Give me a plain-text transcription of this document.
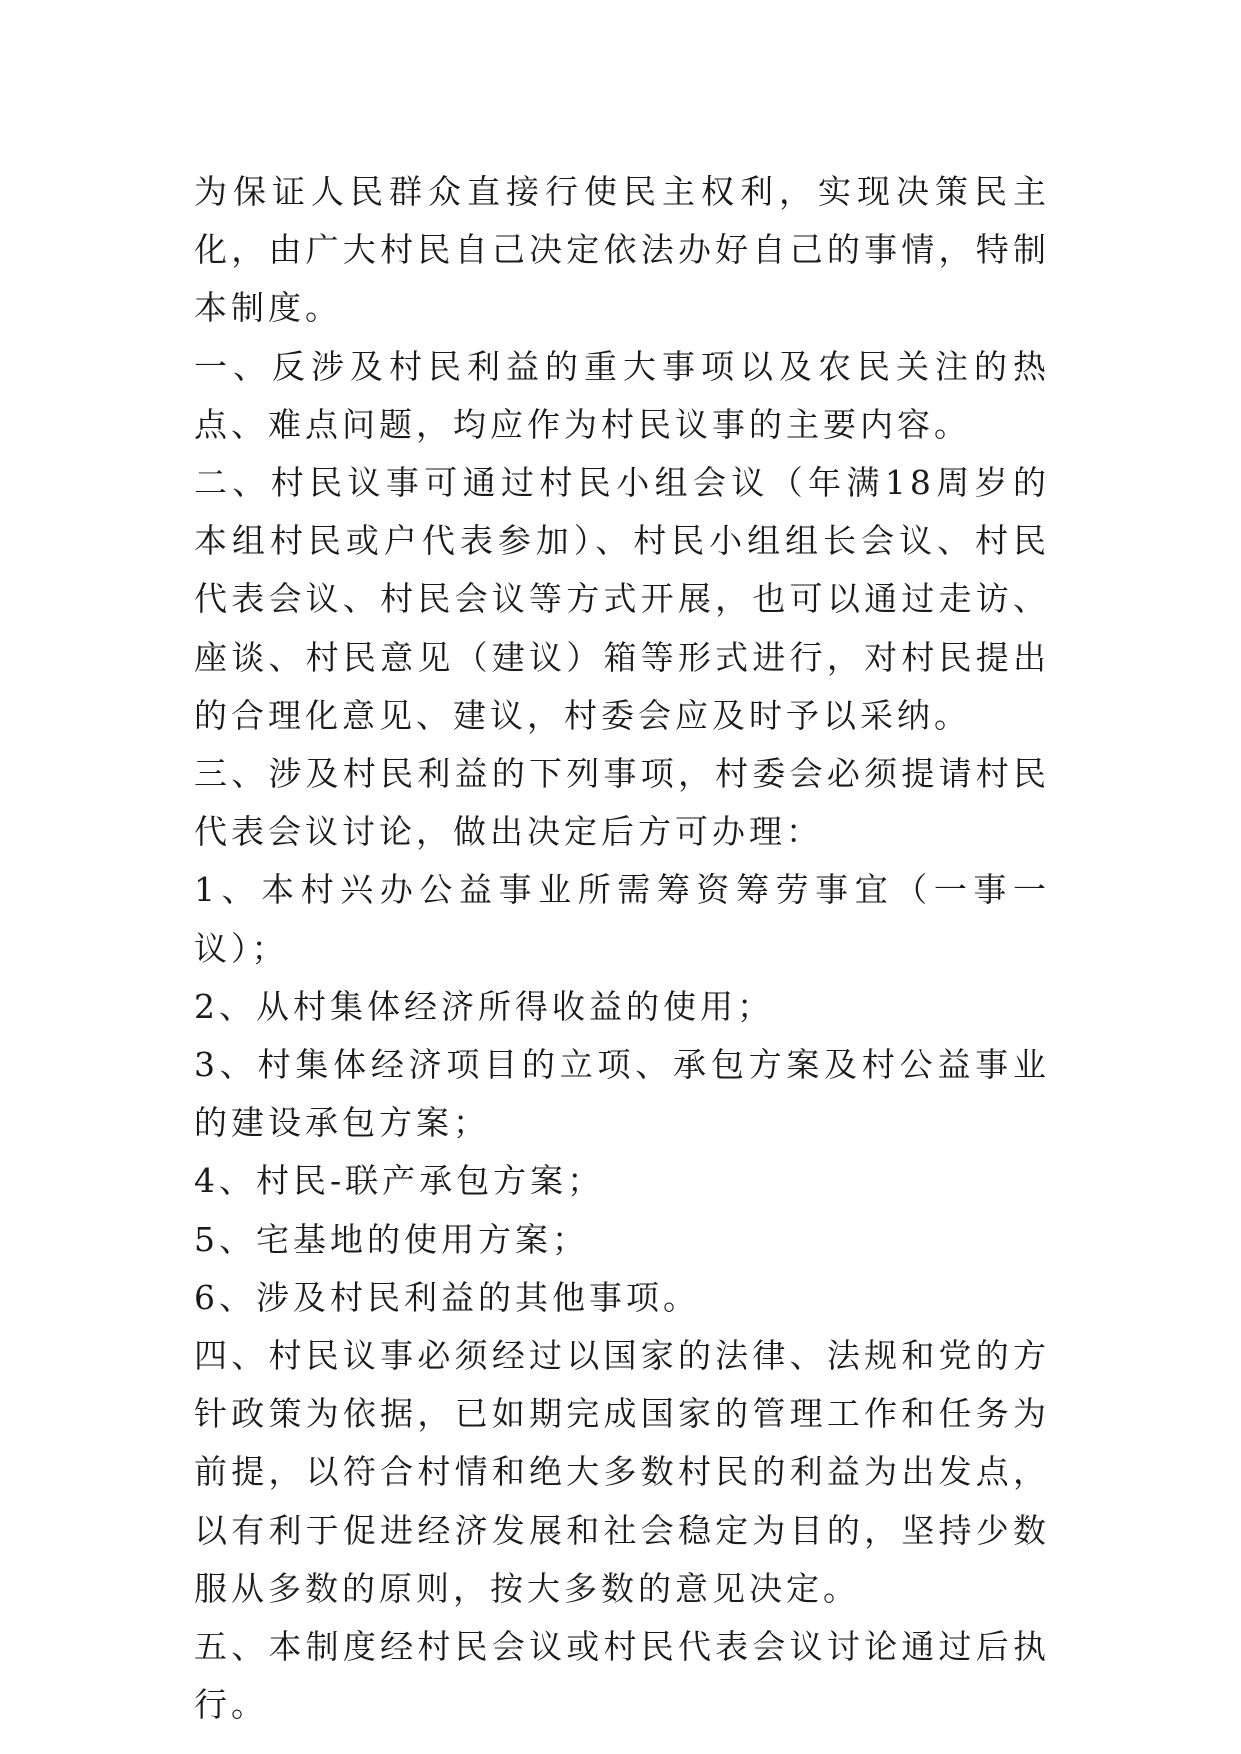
为保证人民群众直接行使民主权利，实现决策民主化，由广大村民自己决定依法办好自己的事情，特制本制度。

一、反涉及村民利益的重大事项以及农民关注的热点、难点问题，均应作为村民议事的主要内容。

二、村民议事可通过村民小组会议（年满18周岁的本组村民或户代表参加）、村民小组组长会议、村民代表会议、村民会议等方式开展，也可以通过走访、座谈、村民意见（建议）箱等形式进行，对村民提出的合理化意见、建议，村委会应及时予以采纳。

三、涉及村民利益的下列事项，村委会必须提请村民代表会议讨论，做出决定后方可办理：

1、本村兴办公益事业所需筹资筹劳事宜（一事一议）；

2、从村集体经济所得收益的使用；

3、村集体经济项目的立项、承包方案及村公益事业的建设承包方案；

4、村民-联产承包方案；

5、宅基地的使用方案；

6、涉及村民利益的其他事项。

四、村民议事必须经过以国家的法律、法规和党的方针政策为依据，已如期完成国家的管理工作和任务为前提，以符合村情和绝大多数村民的利益为出发点，以有利于促进经济发展和社会稳定为目的，坚持少数服从多数的原则，按大多数的意见决定。

五、本制度经村民会议或村民代表会议讨论通过后执行。
